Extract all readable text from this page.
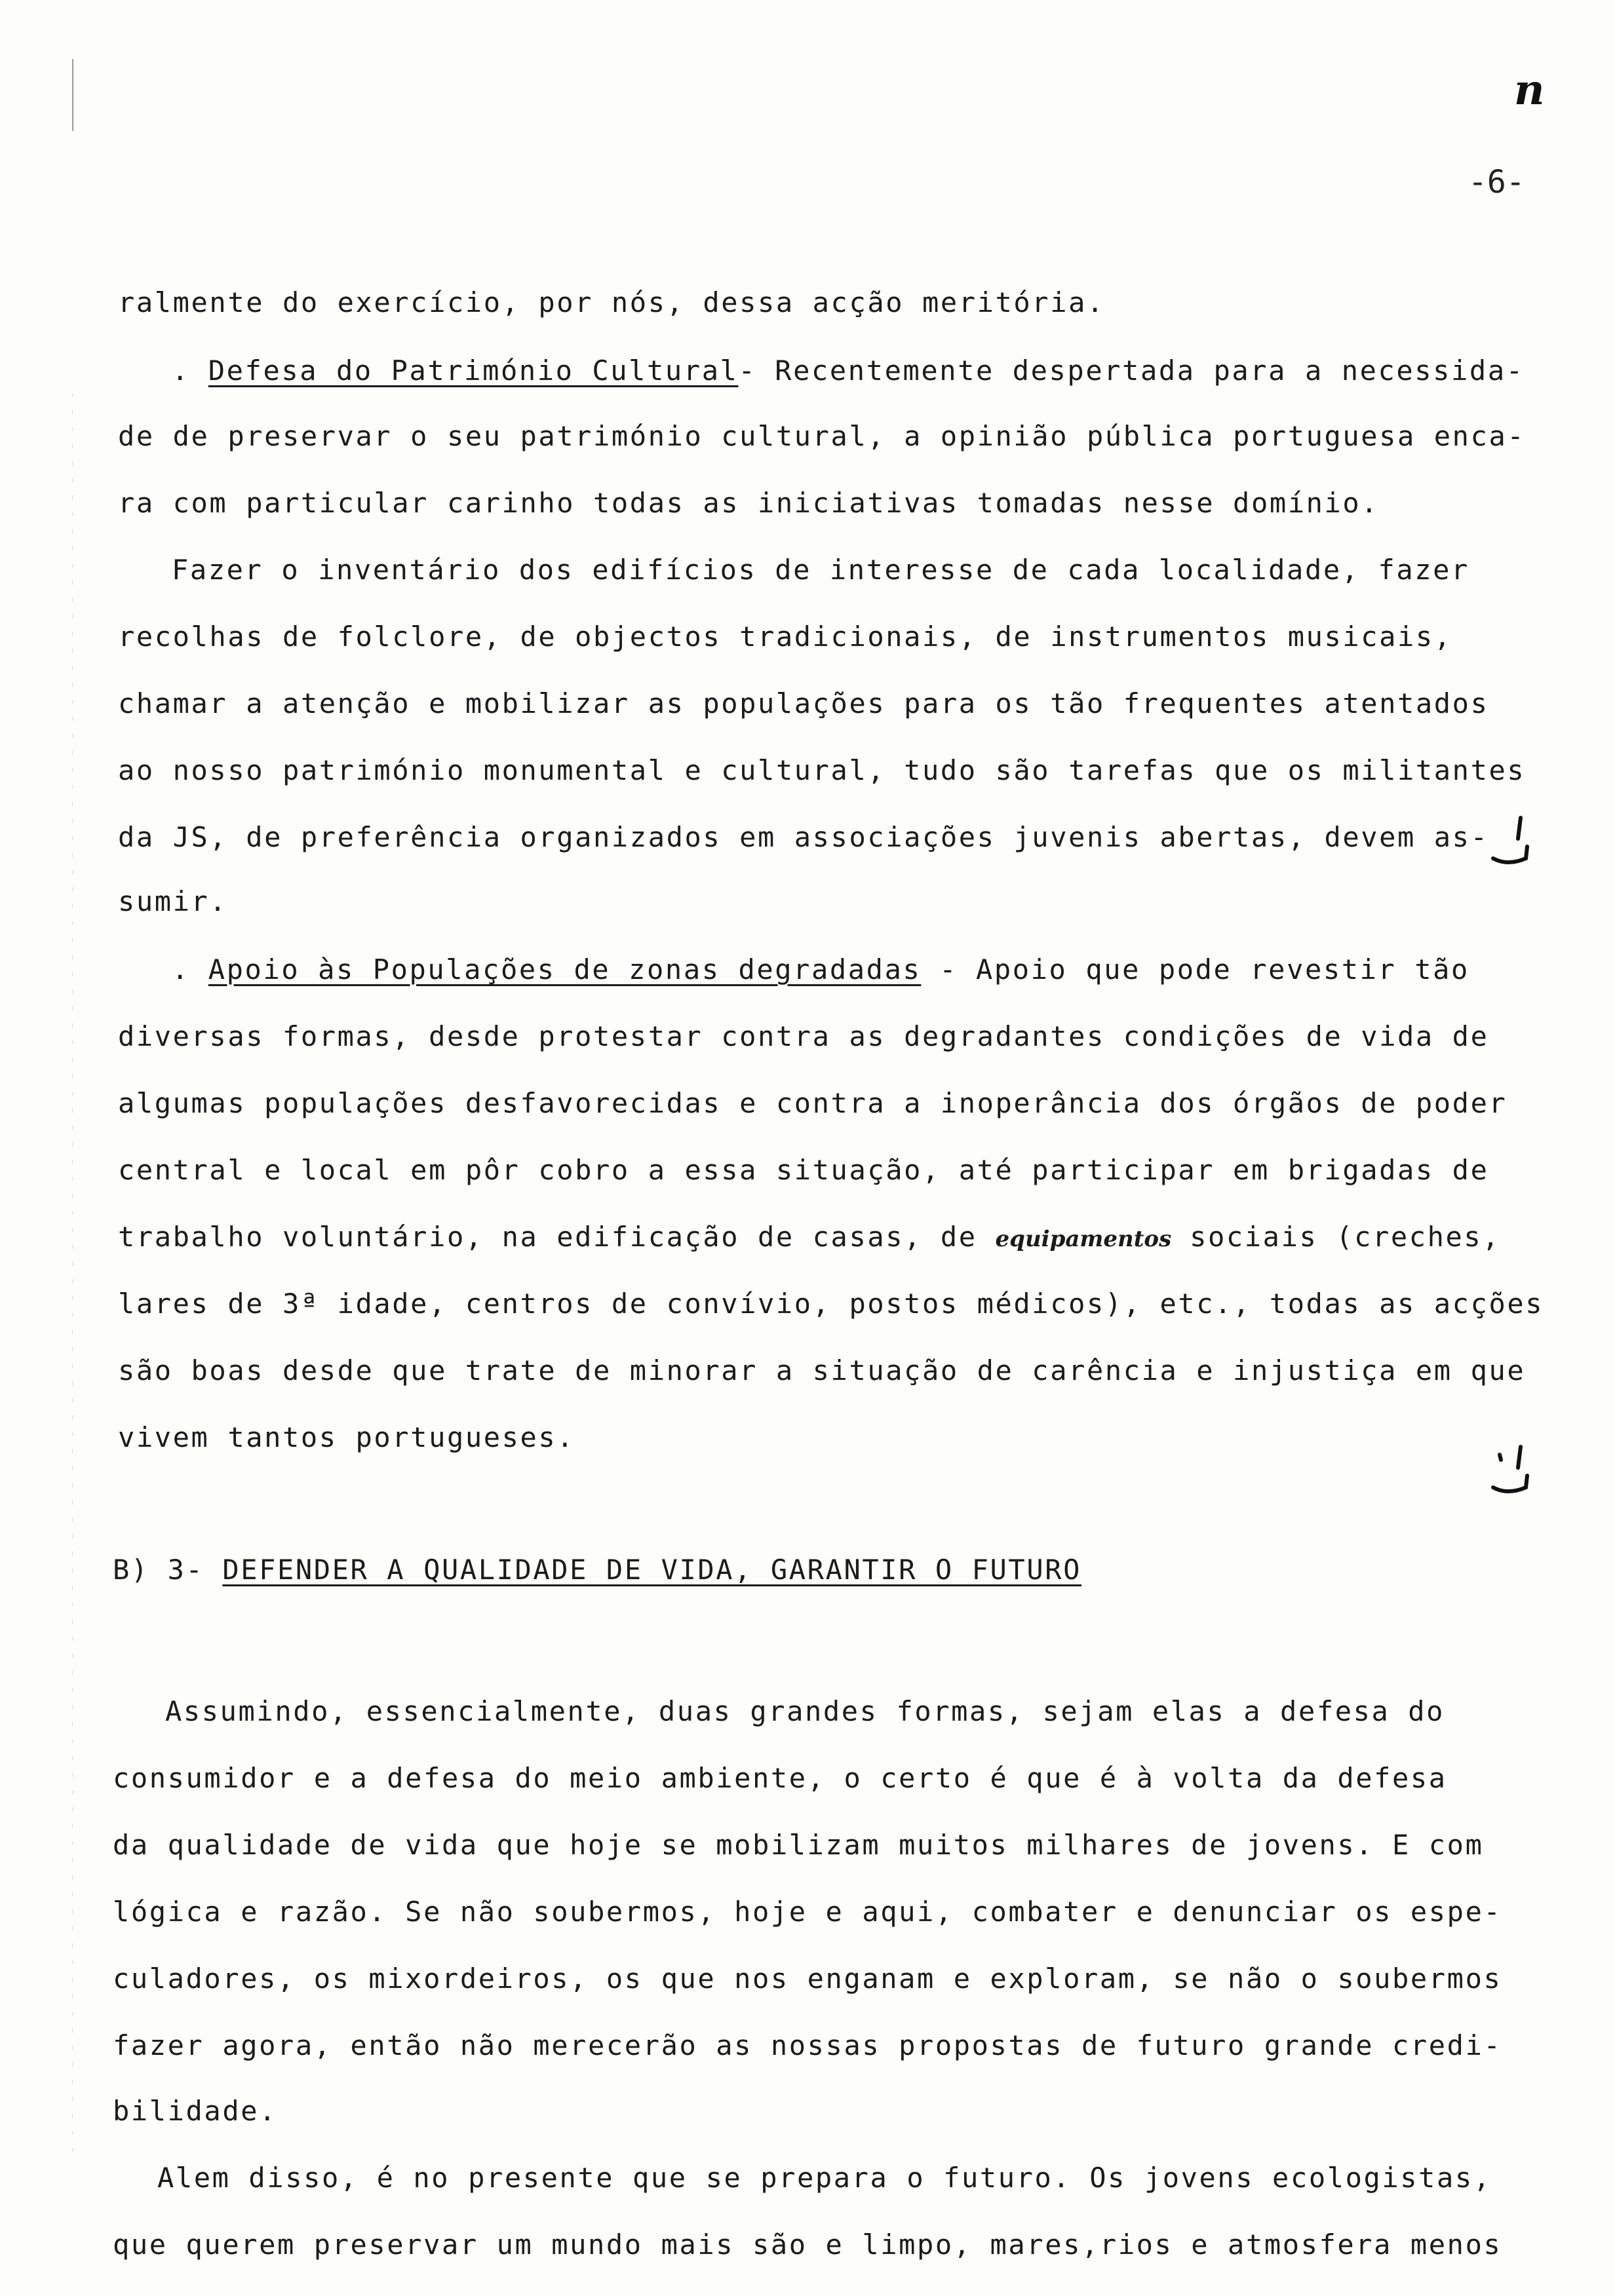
n
-6-
ralmente do exercício, por nós, dessa acção meritória.
. Defesa do Património Cultural- Recentemente despertada para a necessida-
de de preservar o seu património cultural, a opinião pública portuguesa enca-
ra com particular carinho todas as iniciativas tomadas nesse domínio.
Fazer o inventário dos edifícios de interesse de cada localidade, fazer
recolhas de folclore, de objectos tradicionais, de instrumentos musicais,
chamar a atenção e mobilizar as populações para os tão frequentes atentados
ao nosso património monumental e cultural, tudo são tarefas que os militantes
da JS, de preferência organizados em associações juvenis abertas, devem as-
sumir.
. Apoio às Populações de zonas degradadas - Apoio que pode revestir tão
diversas formas, desde protestar contra as degradantes condições de vida de
algumas populações desfavorecidas e contra a inoperância dos órgãos de poder
central e local em pôr cobro a essa situação, até participar em brigadas de
trabalho voluntário, na edificação de casas, de equipamentos sociais (creches,
lares de 3ª idade, centros de convívio, postos médicos), etc., todas as acções
são boas desde que trate de minorar a situação de carência e injustiça em que
vivem tantos portugueses.
B) 3- DEFENDER A QUALIDADE DE VIDA, GARANTIR O FUTURO
Assumindo, essencialmente, duas grandes formas, sejam elas a defesa do
consumidor e a defesa do meio ambiente, o certo é que é à volta da defesa
da qualidade de vida que hoje se mobilizam muitos milhares de jovens. E com
lógica e razão. Se não soubermos, hoje e aqui, combater e denunciar os espe-
culadores, os mixordeiros, os que nos enganam e exploram, se não o soubermos
fazer agora, então não merecerão as nossas propostas de futuro grande credi-
bilidade.
Alem disso, é no presente que se prepara o futuro. Os jovens ecologistas,
que querem preservar um mundo mais são e limpo, mares,rios e atmosfera menos
